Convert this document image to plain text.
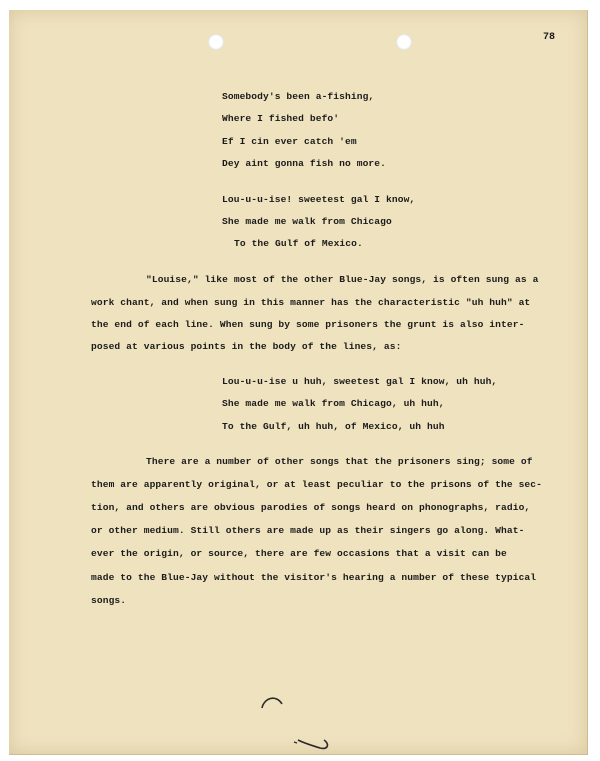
78
Somebody's been a-fishing,
Where I fished befo'
Ef I cin ever catch 'em
Dey aint gonna fish no more.
Lou-u-u-ise! sweetest gal I know,
She made me walk from Chicago
To the Gulf of Mexico.
"Louise," like most of the other Blue-Jay songs, is often sung as a
work chant, and when sung in this manner has the characteristic "uh huh" at
the end of each line. When sung by some prisoners the grunt is also inter-
posed at various points in the body of the lines, as:
Lou-u-u-ise u huh, sweetest gal I know, uh huh,
She made me walk from Chicago, uh huh,
To the Gulf, uh huh, of Mexico, uh huh
There are a number of other songs that the prisoners sing; some of
them are apparently original, or at least peculiar to the prisons of the sec-
tion, and others are obvious parodies of songs heard on phonographs, radio,
or other medium. Still others are made up as their singers go along. What-
ever the origin, or source, there are few occasions that a visit can be
made to the Blue-Jay without the visitor's hearing a number of these typical
songs.
